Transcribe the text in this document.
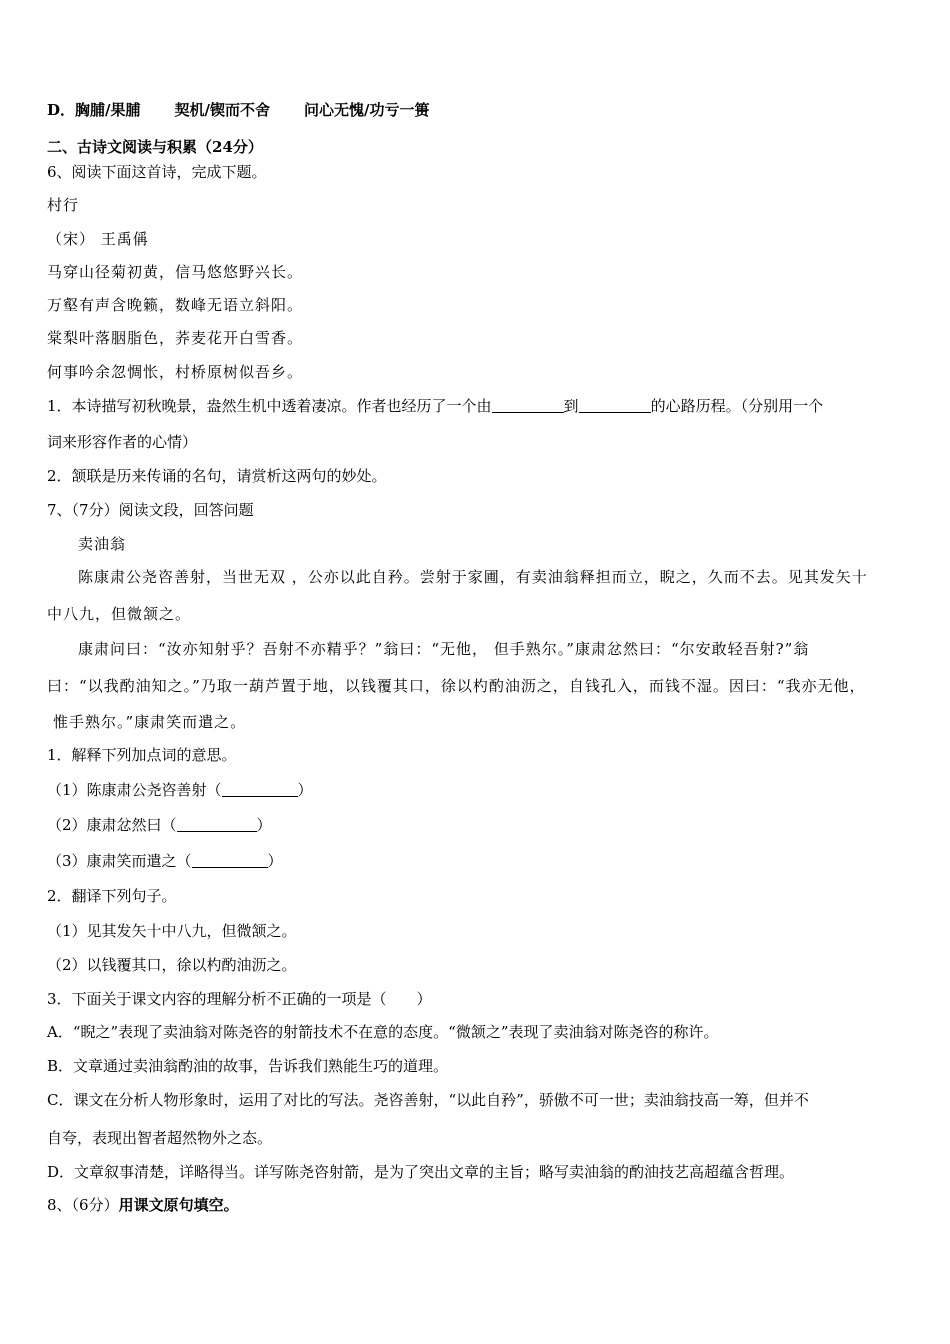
D．胸脯/果脯 契机/锲而不舍 问心无愧/功亏一篑
二、古诗文阅读与积累（24分）
6、阅读下面这首诗，完成下题。
村行
（宋） 王禹偁
马穿山径菊初黄，信马悠悠野兴长。
万壑有声含晚籁，数峰无语立斜阳。
棠梨叶落胭脂色，荞麦花开白雪香。
何事吟余忽惆怅，村桥原树似吾乡。
1．本诗描写初秋晚景，盎然生机中透着凄凉。作者也经历了一个由	到	的心路历程。（分别用一个
词来形容作者的心情）
2．颔联是历来传诵的名句，请赏析这两句的妙处。
7、（7分）阅读文段，回答问题
卖油翁
陈康肃公尧咨善射，当世无双 ，公亦以此自矜。尝射于家圃，有卖油翁释担而立，睨之，久而不去。见其发矢十
中八九，但微颔之。
康肃问曰：“汝亦知射乎？吾射不亦精乎？”翁曰：“无他， 但手熟尔。”康肃忿然曰：“尔安敢轻吾射?”翁
曰：“以我酌油知之。”乃取一葫芦置于地，以钱覆其口，徐以杓酌油沥之，自钱孔入，而钱不湿。因曰：“我亦无他，
惟手熟尔。”康肃笑而遣之。
1．解释下列加点词的意思。
（1）陈康肃公尧咨善射（	）
（2）康肃忿然曰（	）
（3）康肃笑而遣之（	）
2．翻译下列句子。
（1）见其发矢十中八九，但微颔之。
（2）以钱覆其口，徐以杓酌油沥之。
3．下面关于课文内容的理解分析不正确的一项是（　　）
A．“睨之”表现了卖油翁对陈尧咨的射箭技术不在意的态度。“微颔之”表现了卖油翁对陈尧咨的称许。
B．文章通过卖油翁酌油的故事，告诉我们熟能生巧的道理。
C．课文在分析人物形象时，运用了对比的写法。尧咨善射，“以此自矜”，骄傲不可一世；卖油翁技高一筹，但并不
自夸，表现出智者超然物外之态。
D．文章叙事清楚，详略得当。详写陈尧咨射箭，是为了突出文章的主旨；略写卖油翁的酌油技艺高超蕴含哲理。
8、（6分）用课文原句填空。
